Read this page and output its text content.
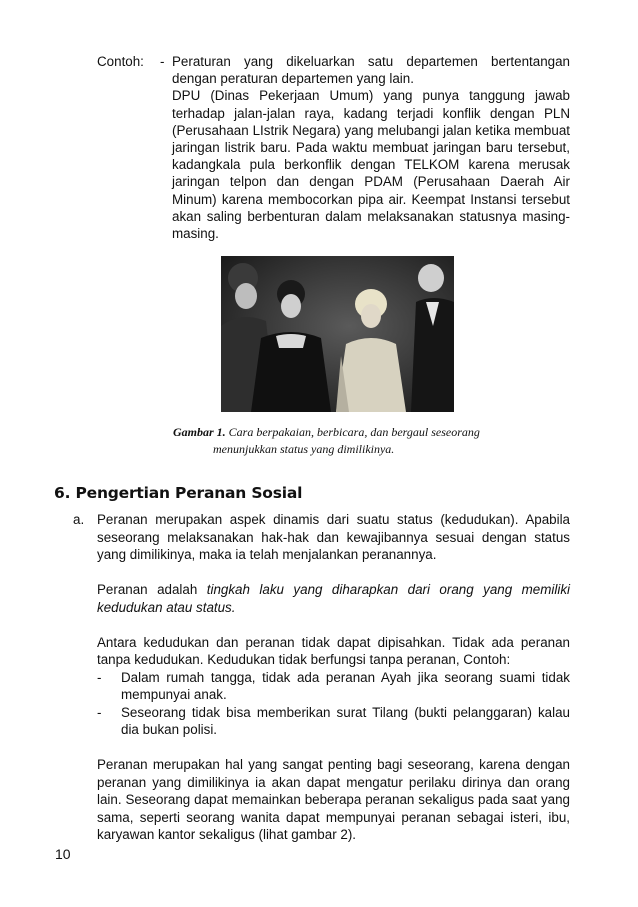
Contoh: - Peraturan yang dikeluarkan satu departemen bertentangan dengan peraturan departemen yang lain.

DPU (Dinas Pekerjaan Umum) yang punya tanggung jawab terhadap jalan-jalan raya, kadang terjadi konflik dengan PLN (Perusahaan LIstrik Negara) yang melubangi jalan ketika membuat jaringan listrik baru. Pada waktu membuat jaringan baru tersebut, kadangkala pula berkonflik dengan TELKOM karena merusak jaringan telpon dan dengan PDAM (Perusahaan Daerah Air Minum) karena membocorkan pipa air. Keempat Instansi tersebut akan saling berbenturan dalam melaksanakan statusnya masing-masing.

Gambar 1. Cara berpakaian, berbicara, dan bergaul seseorang
menunjukkan status yang dimilikinya.
6. Pengertian Peranan Sosial
a. Peranan merupakan aspek dinamis dari suatu status (kedudukan). Apabila seseorang melaksanakan hak-hak dan kewajibannya sesuai dengan status yang dimilikinya, maka ia telah menjalankan peranannya.

Peranan adalah tingkah laku yang diharapkan dari orang yang memiliki kedudukan atau status.

Antara kedudukan dan peranan tidak dapat dipisahkan. Tidak ada peranan tanpa kedudukan. Kedudukan tidak berfungsi tanpa peranan, Contoh:

- Dalam rumah tangga, tidak ada peranan Ayah jika seorang suami tidak mempunyai anak.
- Seseorang tidak bisa memberikan surat Tilang (bukti pelanggaran) kalau dia bukan polisi.

Peranan merupakan hal yang sangat penting bagi seseorang, karena dengan peranan yang dimilikinya ia akan dapat mengatur perilaku dirinya dan orang lain. Seseorang dapat memainkan beberapa peranan sekaligus pada saat yang sama, seperti seorang wanita dapat mempunyai peranan sebagai isteri, ibu, karyawan kantor sekaligus (lihat gambar 2).

10
